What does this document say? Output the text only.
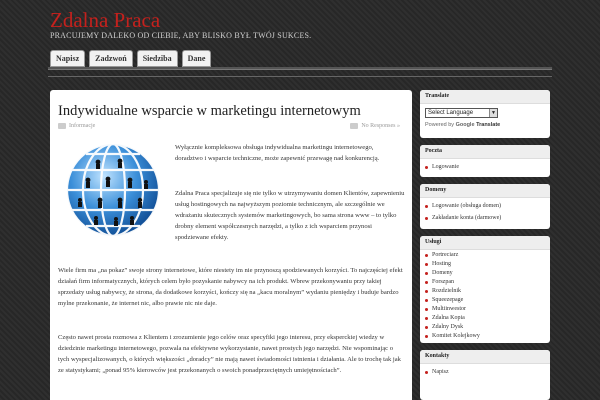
Zdalna Praca
PRACUJEMY DALEKO OD CIEBIE, ABY BLISKO BYŁ TWÓJ SUKCES.
Napisz	Zadzwoń	Siedziba	Dane
Indywidualne wsparcie w marketingu internetowym
Informacje	No Responses »
Wyłącznie kompleksowa obsługa indywidualna marketingu internetowego, doradztwo i wsparcie techniczne, może zapewnić przewagę nad konkurencją.
Zdalna Praca specjalizuje się nie tylko w utrzymywaniu domen Klientów, zapewnieniu usług hostingowych na najwyższym poziomie technicznym, ale szczególnie we wdrażaniu skutecznych systemów marketingowych, bo sama strona www – to tylko drobny element współczesnych narzędzi, a tylko z ich wsparciem przynosi spodziewane efekty.
Wiele firm ma „na pokaz” swoje strony internetowe, które niestety im nie przynoszą spodziewanych korzyści. To najczęściej efekt działań firm informatycznych, których celem było pozyskanie nabywcy na ich produkt. Wbrew przekonywaniu przy takiej sprzedaży usług nabywcy, że strona, da dodatkowe korzyści, kończy się na „kacu moralnym” wydaniu pieniędzy i buduje bardzo mylne przekonanie, że internet nic, albo prawie nic nie daje.
Często nawet prosta rozmowa z Klientem i zrozumienie jego celów oraz specyfiki jego interesu, przy eksperckiej wiedzy w dziedzinie marketingu internetowego, pozwala na efektywne wykorzystanie, nawet prostych jego narzędzi. Nie wspominając o tych wyspecjalizowanych, o których większości „doradcy” nie mają nawet świadomości istnienia i działania. Ale to trochę tak jak ze statystykami; „ponad 95% kierowców jest przekonanych o swoich ponadprzeciętnych umiejętnościach”.
Translate
Select Language	▼
Powered by Google Translate
Poczta
Logowanie
Domeny
Logowanie (obsługa domen)
Zakładanie konta (darmowe)
Usługi
Portreciarz
Hosting
Domeny
Forszpan
Rozdzielnik
Squeezepage
Multiinwestor
Zdalna Kopia
Zdalny Dysk
Komitet Kolejkowy
Kontakty
Napisz
